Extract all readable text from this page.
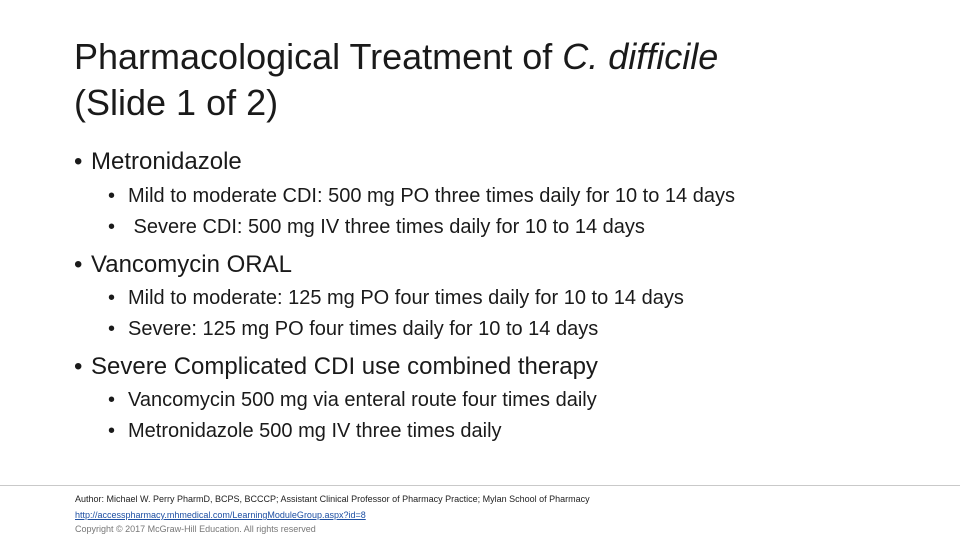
Pharmacological Treatment of C. difficile
(Slide 1 of 2)
• Metronidazole
• Mild to moderate CDI: 500 mg PO three times daily for 10 to 14 days
• Severe CDI: 500 mg IV three times daily for 10 to 14 days
• Vancomycin ORAL
• Mild to moderate: 125 mg PO four times daily for 10 to 14 days
• Severe: 125 mg PO four times daily for 10 to 14 days
• Severe Complicated CDI use combined therapy
• Vancomycin 500 mg via enteral route four times daily
• Metronidazole 500 mg IV three times daily
Author: Michael W. Perry PharmD, BCPS, BCCCP; Assistant Clinical Professor of Pharmacy Practice; Mylan School of Pharmacy
http://accesspharmacy.mhmedical.com/LearningModuleGroup.aspx?id=8
Copyright © 2017 McGraw-Hill Education. All rights reserved
